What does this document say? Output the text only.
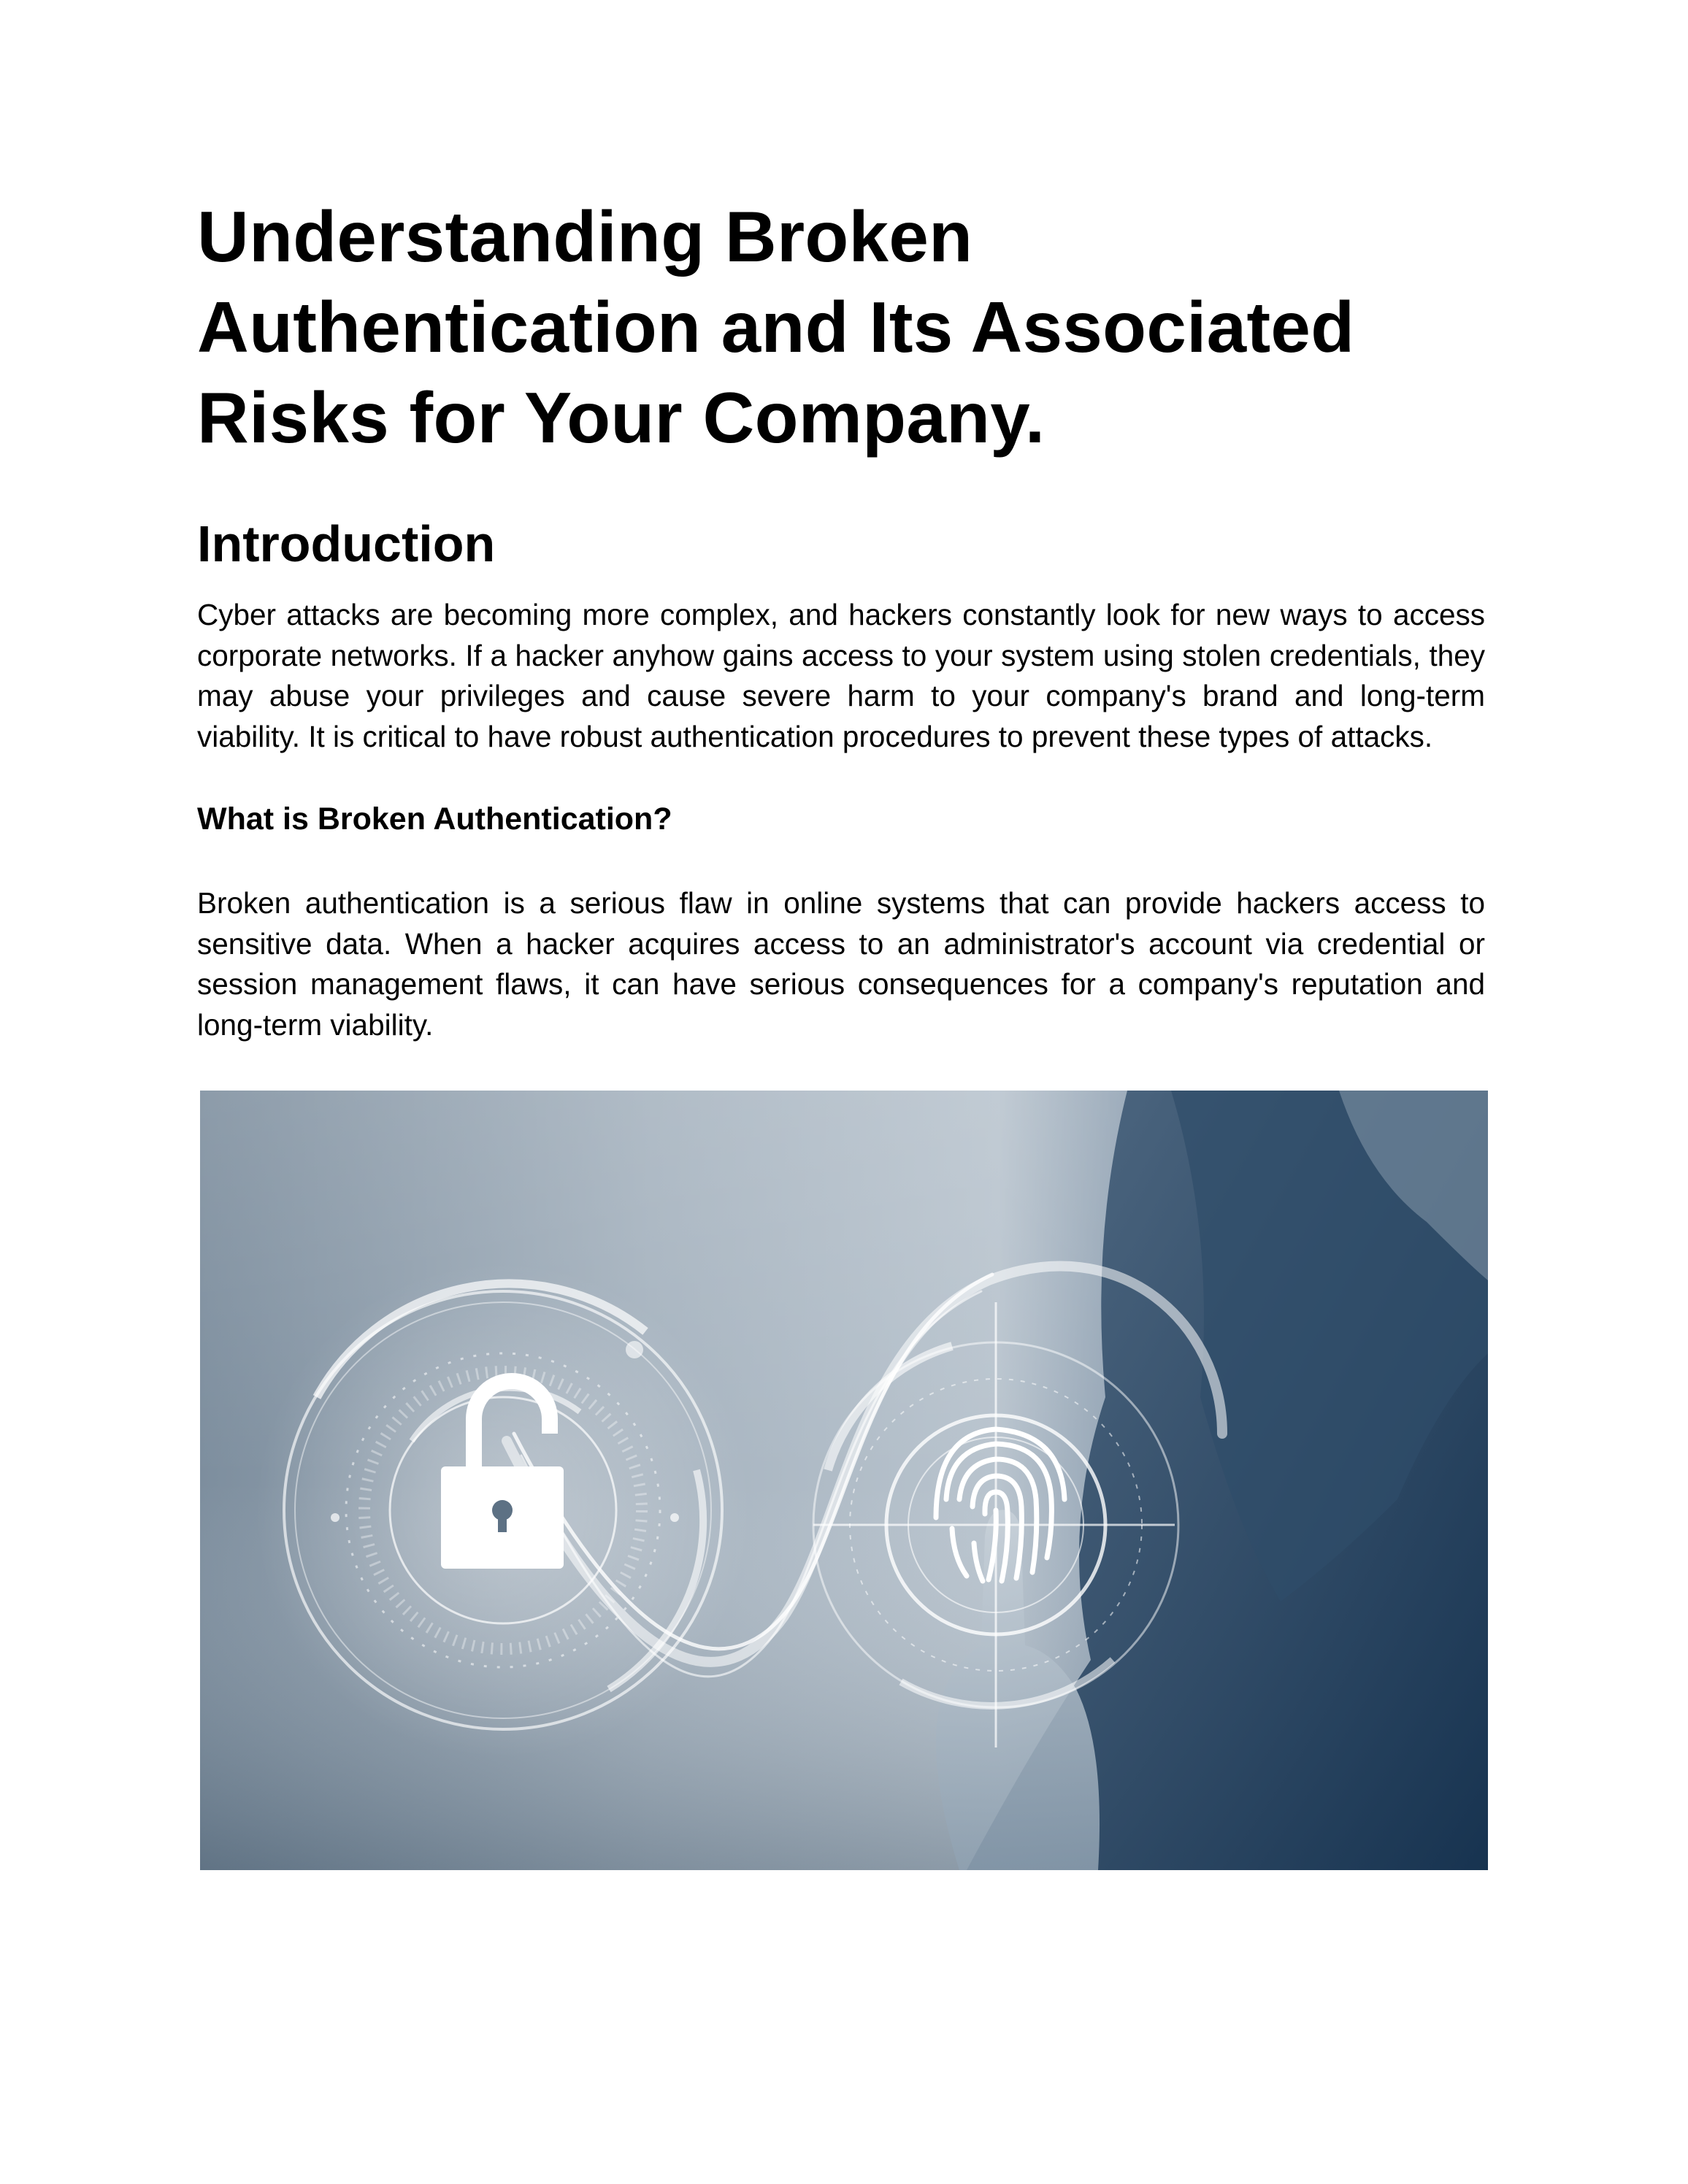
Understanding Broken Authentication and Its Associated Risks for Your Company.
Introduction

Cyber attacks are becoming more complex, and hackers constantly look for new ways to access corporate networks. If a hacker anyhow gains access to your system using stolen credentials, they may abuse your privileges and cause severe harm to your company's brand and long-term viability. It is critical to have robust authentication procedures to prevent these types of attacks.

What is Broken Authentication?

Broken authentication is a serious flaw in online systems that can provide hackers access to sensitive data. When a hacker acquires access to an administrator's account via credential or session management flaws, it can have serious consequences for a company's reputation and long-term viability.
